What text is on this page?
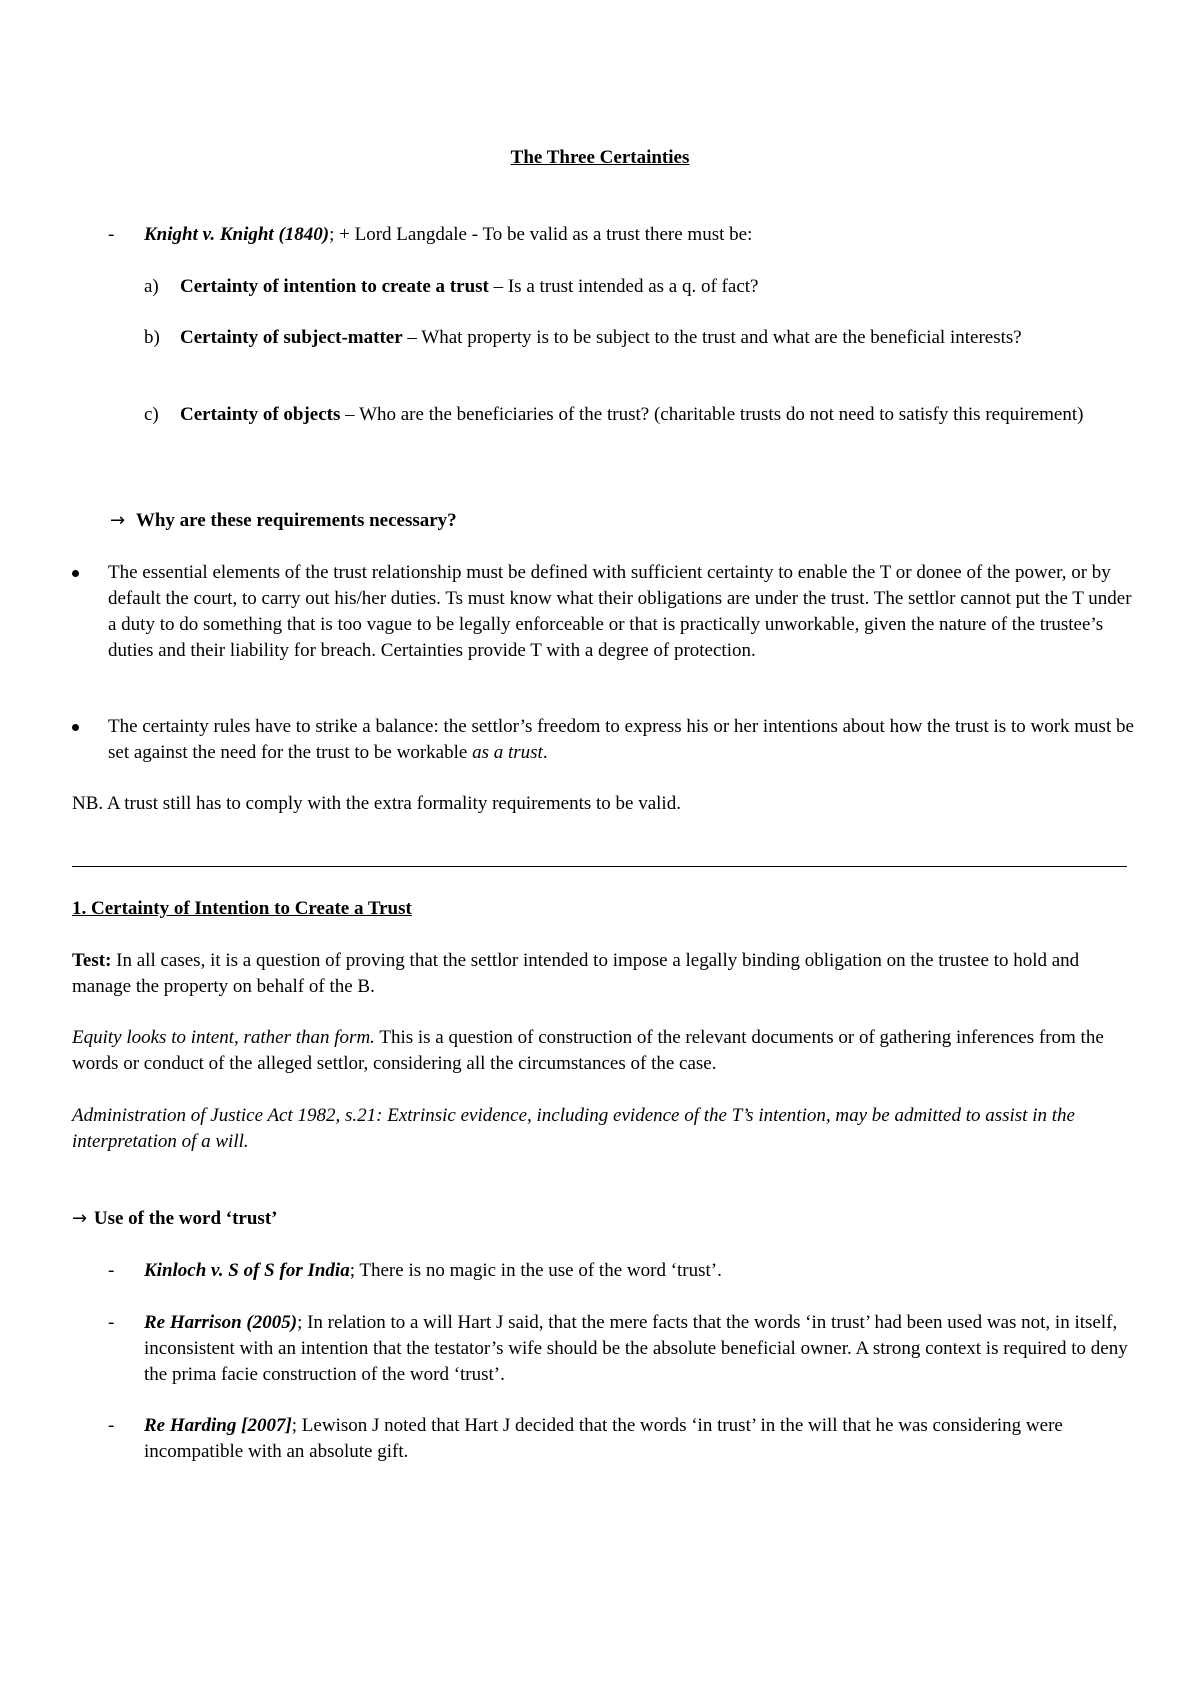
The Three Certainties
- Knight v. Knight (1840); + Lord Langdale - To be valid as a trust there must be:
a) Certainty of intention to create a trust – Is a trust intended as a q. of fact?
b) Certainty of subject-matter – What property is to be subject to the trust and what are the beneficial interests?
c) Certainty of objects – Who are the beneficiaries of the trust? (charitable trusts do not need to satisfy this requirement)
→ Why are these requirements necessary?
The essential elements of the trust relationship must be defined with sufficient certainty to enable the T or donee of the power, or by default the court, to carry out his/her duties. Ts must know what their obligations are under the trust. The settlor cannot put the T under a duty to do something that is too vague to be legally enforceable or that is practically unworkable, given the nature of the trustee’s duties and their liability for breach. Certainties provide T with a degree of protection.
The certainty rules have to strike a balance: the settlor’s freedom to express his or her intentions about how the trust is to work must be set against the need for the trust to be workable as a trust.
NB. A trust still has to comply with the extra formality requirements to be valid.
1. Certainty of Intention to Create a Trust
Test: In all cases, it is a question of proving that the settlor intended to impose a legally binding obligation on the trustee to hold and manage the property on behalf of the B.
Equity looks to intent, rather than form. This is a question of construction of the relevant documents or of gathering inferences from the words or conduct of the alleged settlor, considering all the circumstances of the case.
Administration of Justice Act 1982, s.21: Extrinsic evidence, including evidence of the T’s intention, may be admitted to assist in the interpretation of a will.
→ Use of the word ‘trust’
- Kinloch v. S of S for India; There is no magic in the use of the word ‘trust’.
- Re Harrison (2005); In relation to a will Hart J said, that the mere facts that the words ‘in trust’ had been used was not, in itself, inconsistent with an intention that the testator’s wife should be the absolute beneficial owner. A strong context is required to deny the prima facie construction of the word ‘trust’.
- Re Harding [2007]; Lewison J noted that Hart J decided that the words ‘in trust’ in the will that he was considering were incompatible with an absolute gift.
